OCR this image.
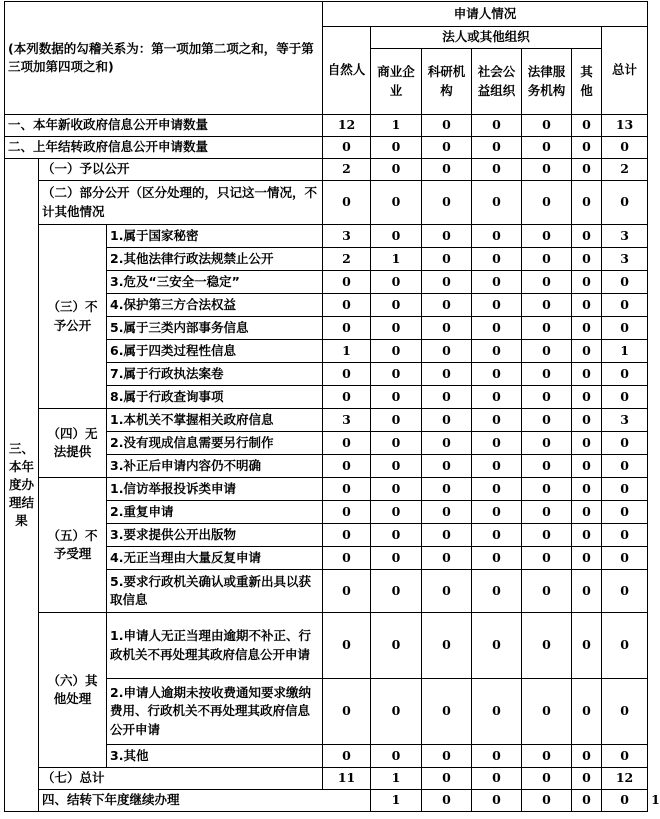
(本列数据的勾稽关系为：第一项加第二项之和，等于第三项加第四项之和)			申请人情况							
			自然人	法人或其他组织					总计	
				商业企业	科研机构	社会公益组织	法律服务机构	其他		
一、本年新收政府信息公开申请数量			12	1	0	0	0	0	13	
二、上年结转政府信息公开申请数量			0	0	0	0	0	0	0	
三、本年度办理结果	（一）予以公开		2	0	0	0	0	0	2	
	（二）部分公开（区分处理的，只记这一情况，不计其他情况		0	0	0	0	0	0	0	
	（三）不予公开	1.属于国家秘密	3	0	0	0	0	0	3	
		2.其他法律行政法规禁止公开	2	1	0	0	0	0	3	
		3.危及“三安全一稳定”	0	0	0	0	0	0	0	
		4.保护第三方合法权益	0	0	0	0	0	0	0	
		5.属于三类内部事务信息	0	0	0	0	0	0	0	
		6.属于四类过程性信息	1	0	0	0	0	0	1	
		7.属于行政执法案卷	0	0	0	0	0	0	0	
		8.属于行政查询事项	0	0	0	0	0	0	0	
	（四）无法提供	1.本机关不掌握相关政府信息	3	0	0	0	0	0	3	
		2.没有现成信息需要另行制作	0	0	0	0	0	0	0	
		3.补正后申请内容仍不明确	0	0	0	0	0	0	0	
	（五）不予受理	1.信访举报投诉类申请	0	0	0	0	0	0	0	
		2.重复申请	0	0	0	0	0	0	0	
		3.要求提供公开出版物	0	0	0	0	0	0	0	
		4.无正当理由大量反复申请	0	0	0	0	0	0	0	
		5.要求行政机关确认或重新出具以获取信息	0	0	0	0	0	0	0	
	（六）其他处理	1.申请人无正当理由逾期不补正、行政机关不再处理其政府信息公开申请	0	0	0	0	0	0	0	
		2.申请人逾期未按收费通知要求缴纳费用、行政机关不再处理其政府信息公开申请	0	0	0	0	0	0	0	
		3.其他	0	0	0	0	0	0	0	
	（七）总计		11	1	0	0	0	0	12	
	四、结转下年度继续办理			1	0	0	0	0	0	1
